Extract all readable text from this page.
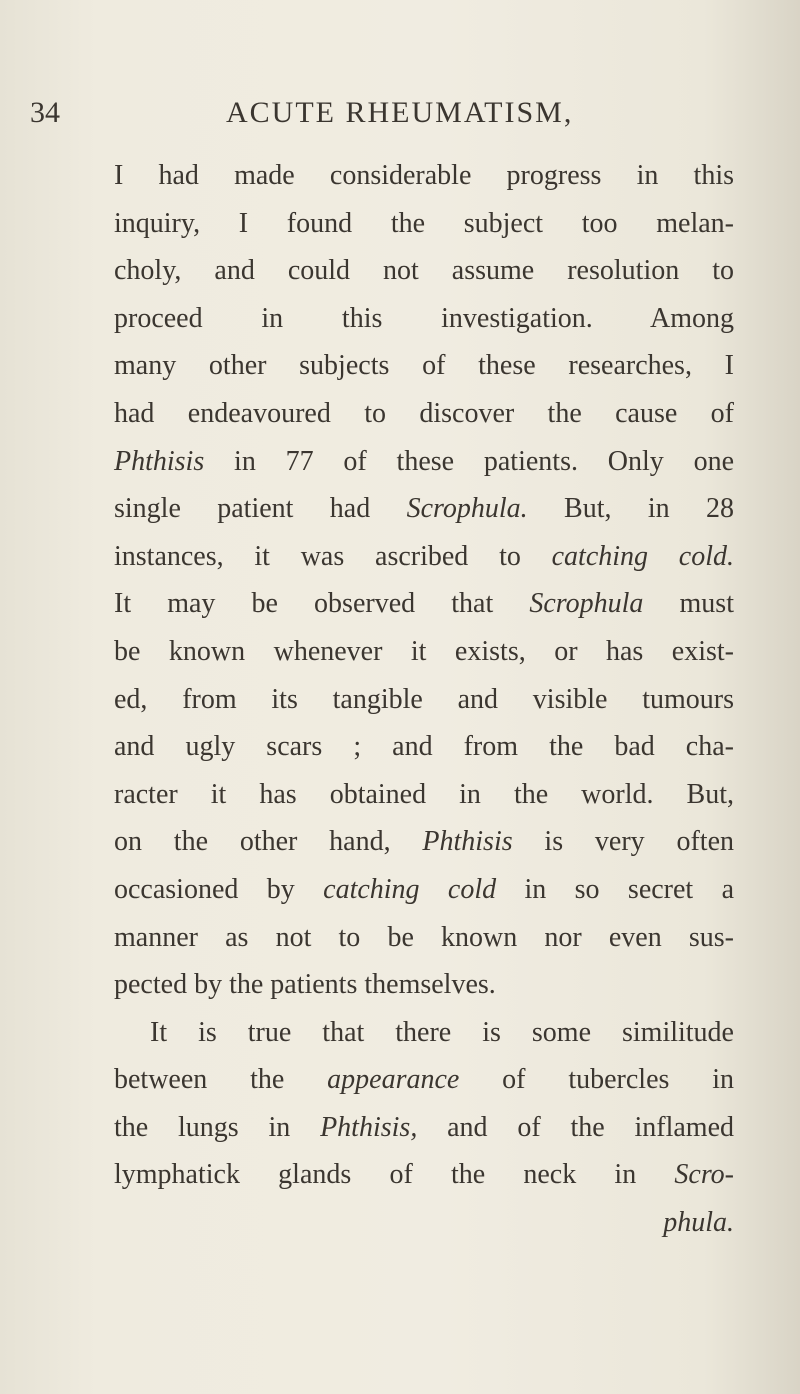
34	ACUTE RHEUMATISM,
I had made considerable progress in this
inquiry, I found the subject too melan-
choly, and could not assume resolution to
proceed in this investigation. Among
many other subjects of these researches, I
had endeavoured to discover the cause of
Phthisis in 77 of these patients. Only one
single patient had Scrophula. But, in 28
instances, it was ascribed to catching cold.
It may be observed that Scrophula must
be known whenever it exists, or has exist-
ed, from its tangible and visible tumours
and ugly scars ; and from the bad cha-
racter it has obtained in the world. But,
on the other hand, Phthisis is very often
occasioned by catching cold in so secret a
manner as not to be known nor even sus-
pected by the patients themselves.
It is true that there is some similitude
between the appearance of tubercles in
the lungs in Phthisis, and of the inflamed
lymphatick glands of the neck in Scro-
phula.
